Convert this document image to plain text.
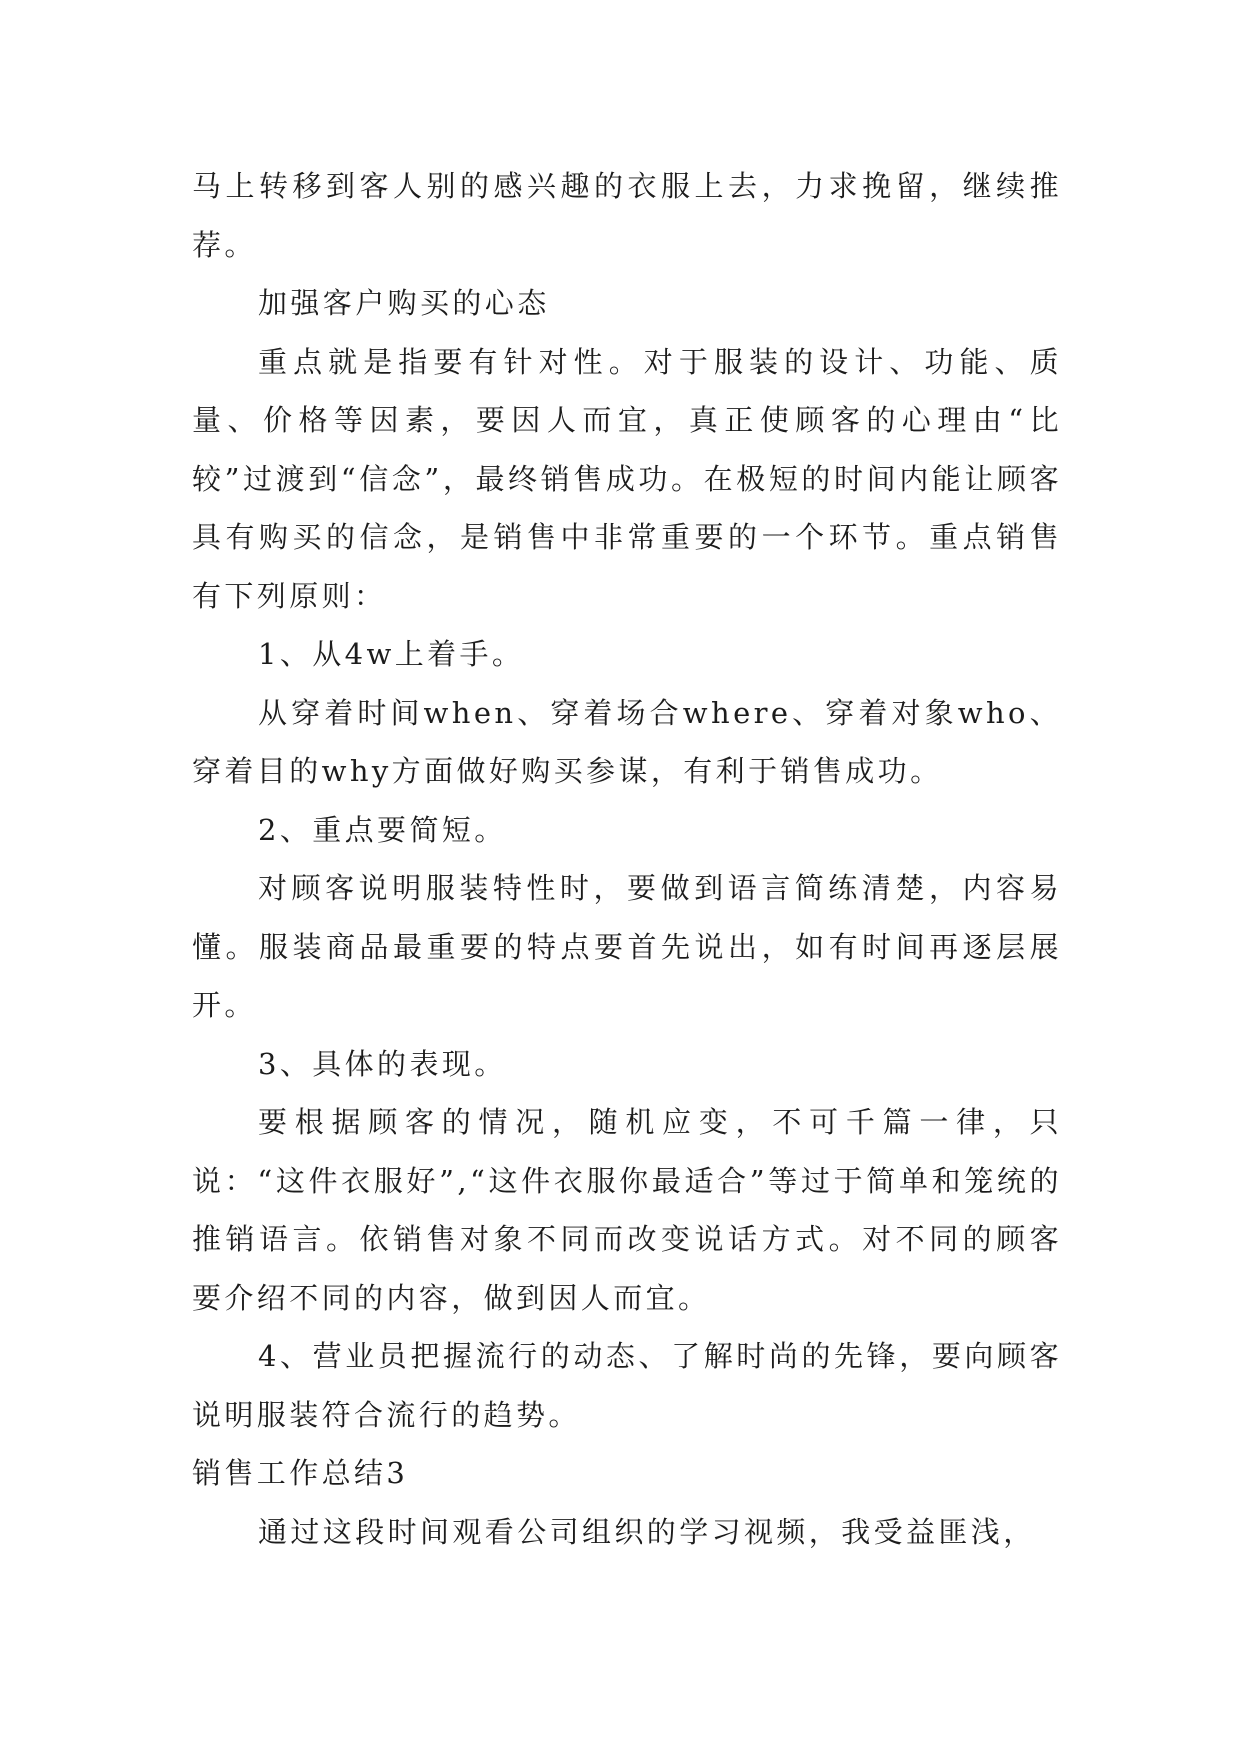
马上转移到客人别的感兴趣的衣服上去，力求挽留，继续推荐。

加强客户购买的心态

重点就是指要有针对性。对于服装的设计、功能、质量、价格等因素，要因人而宜，真正使顾客的心理由“比较”过渡到“信念”，最终销售成功。在极短的时间内能让顾客具有购买的信念，是销售中非常重要的一个环节。重点销售有下列原则：

1、从4w上着手。

从穿着时间when、穿着场合where、穿着对象who、穿着目的why方面做好购买参谋，有利于销售成功。

2、重点要简短。

对顾客说明服装特性时，要做到语言简练清楚，内容易懂。服装商品最重要的特点要首先说出，如有时间再逐层展开。

3、具体的表现。

要根据顾客的情况，随机应变，不可千篇一律，只说：“这件衣服好”,“这件衣服你最适合”等过于简单和笼统的推销语言。依销售对象不同而改变说话方式。对不同的顾客要介绍不同的内容，做到因人而宜。

4、营业员把握流行的动态、了解时尚的先锋，要向顾客说明服装符合流行的趋势。

销售工作总结3

通过这段时间观看公司组织的学习视频，我受益匪浅，
